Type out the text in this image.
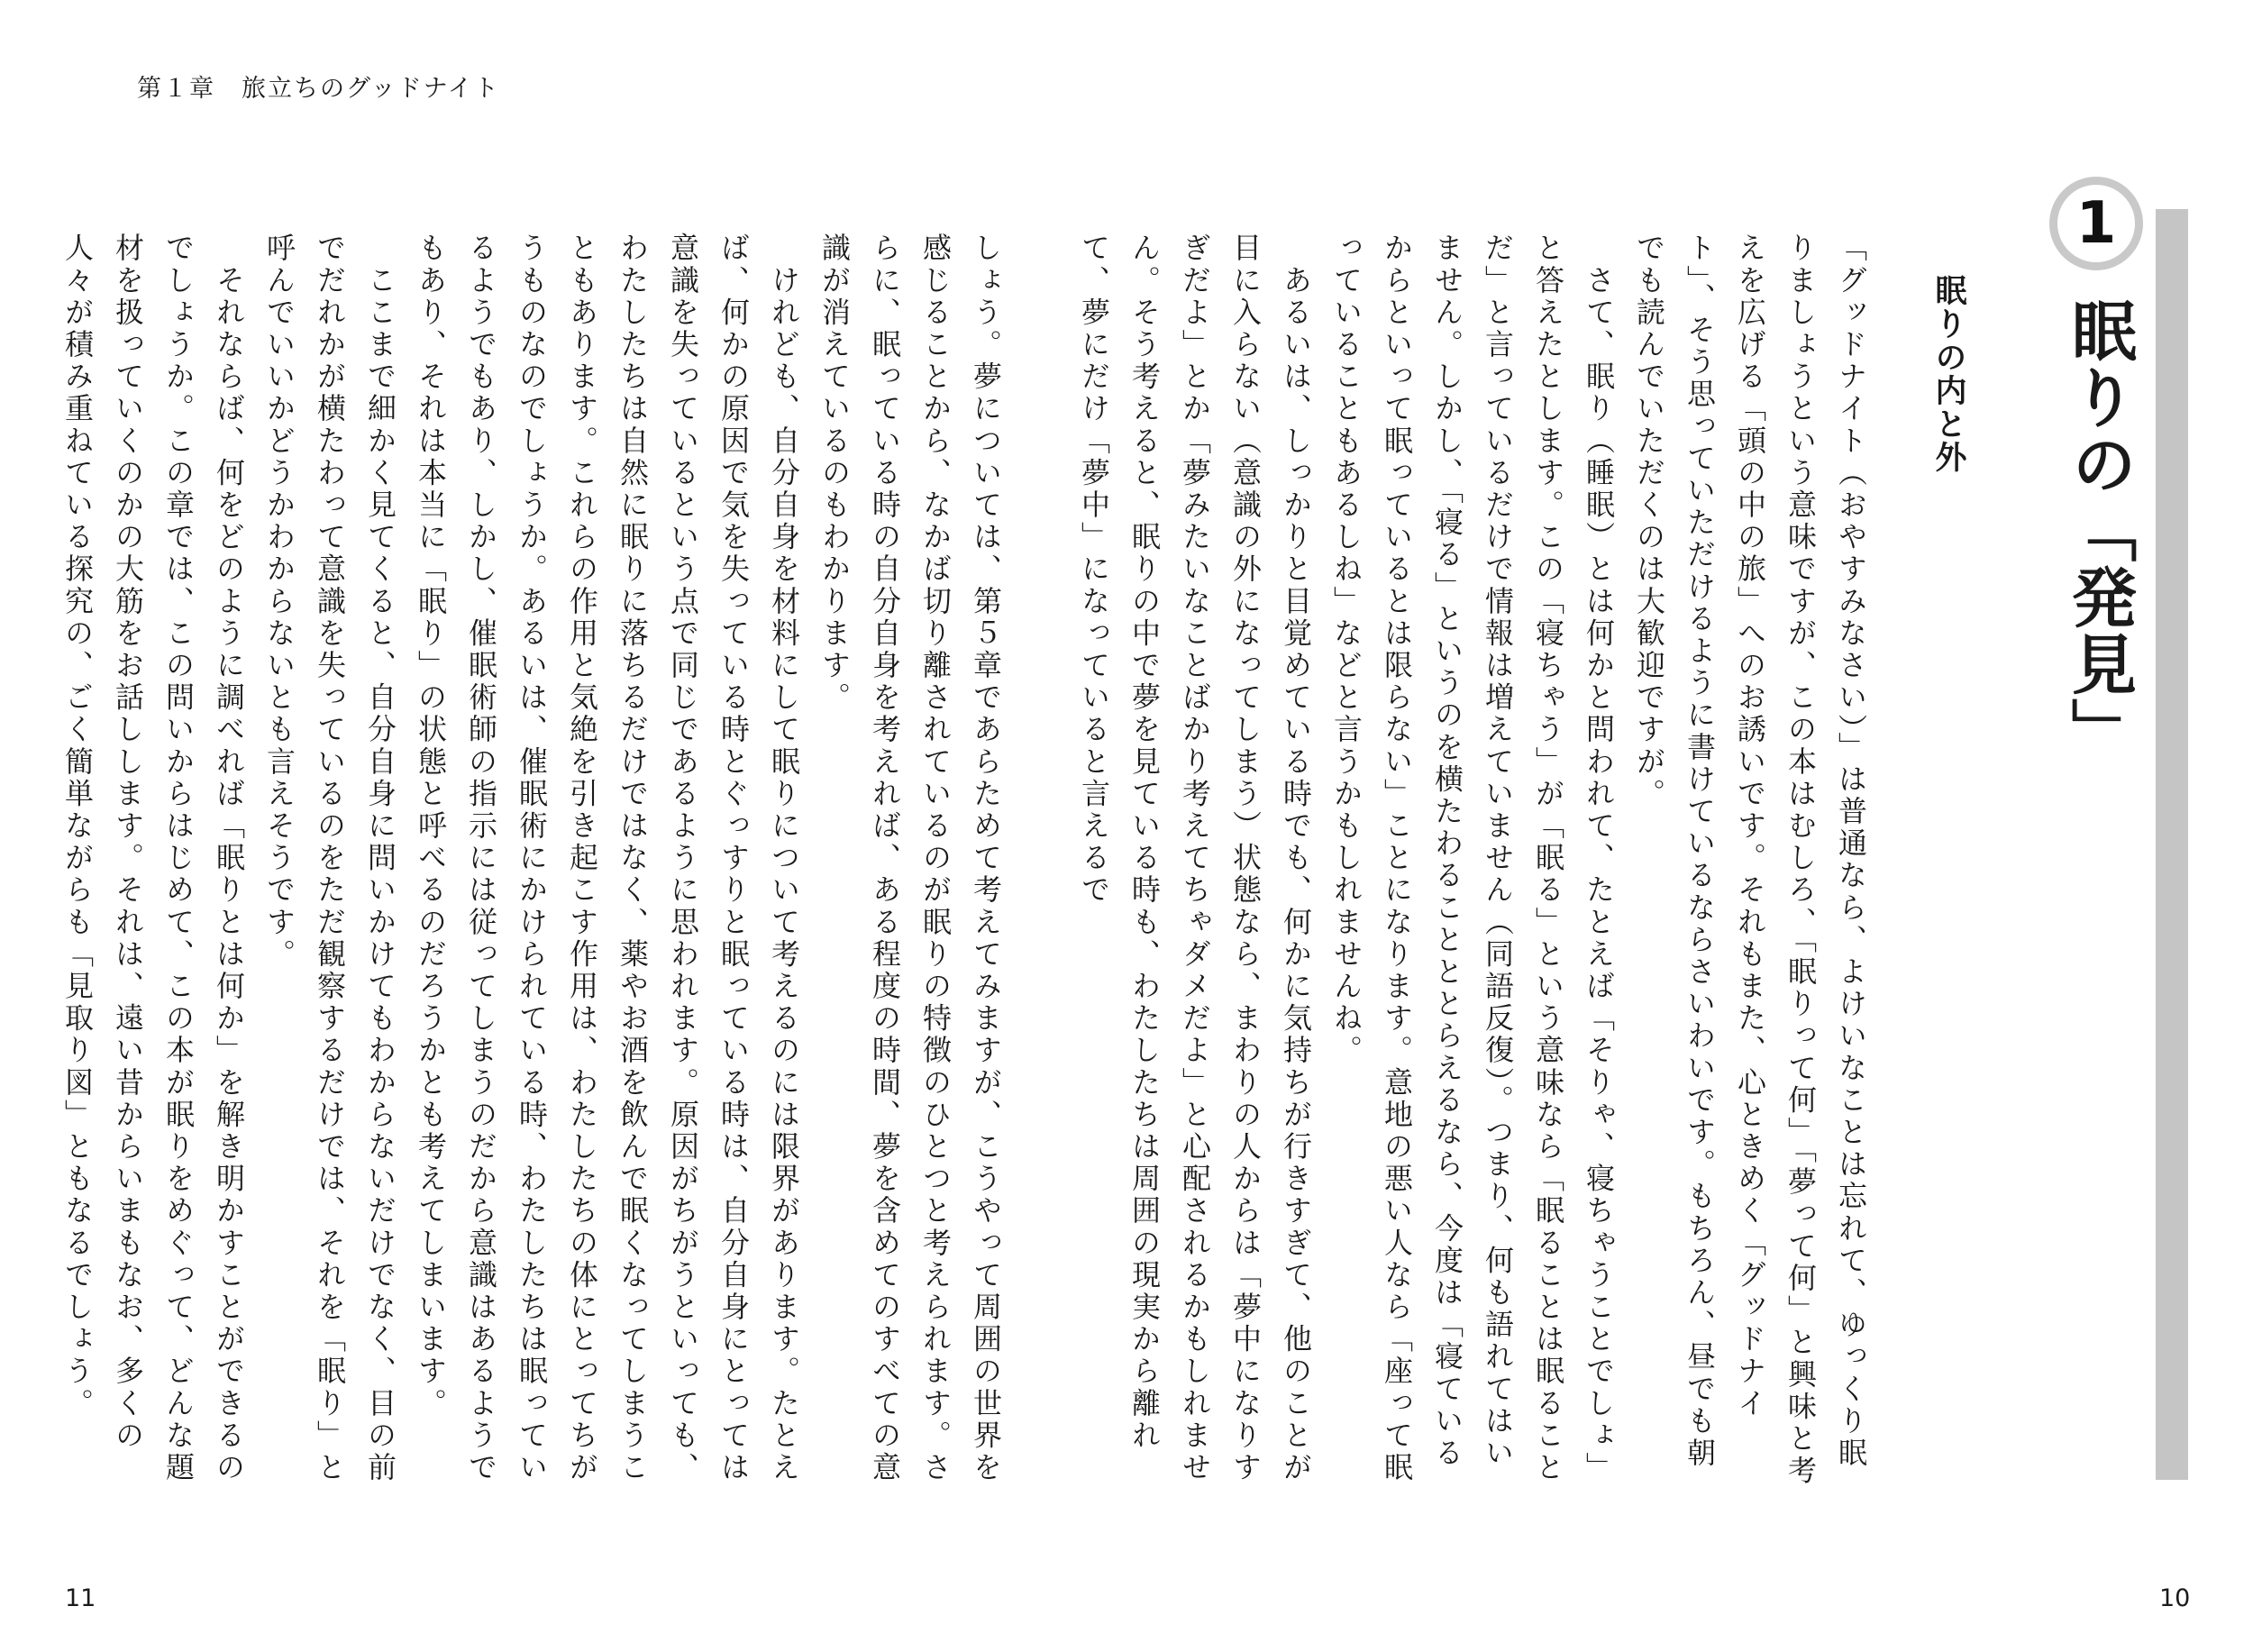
第１章　旅立ちのグッドナイト
1
眠りの「発見」
眠りの内と外

「グッドナイト（おやすみなさい）」は普通なら、よけいなことは忘れて、ゆっくり眠りましょうという意味ですが、この本はむしろ、「眠りって何」「夢って何」と興味と考えを広げる「頭の中の旅」へのお誘いです。それもまた、心ときめく「グッドナイト」、そう思っていただけるように書けているならさいわいです。もちろん、昼でも朝でも読んでいただくのは大歓迎ですが。

　さて、眠り（睡眠）とは何かと問われて、たとえば「そりゃ、寝ちゃうことでしょ」と答えたとします。この「寝ちゃう」が「眠る」という意味なら「眠ることは眠ることだ」と言っているだけで情報は増えていません（同語反復）。つまり、何も語れてはいません。しかし、「寝る」というのを横たわることととらえるなら、今度は「寝ているからといって眠っているとは限らない」ことになります。意地の悪い人なら「座って眠っていることもあるしね」などと言うかもしれませんね。

　あるいは、しっかりと目覚めている時でも、何かに気持ちが行きすぎて、他のことが目に入らない（意識の外になってしまう）状態なら、まわりの人からは「夢中になりすぎだよ」とか「夢みたいなことばかり考えてちゃダメだよ」と心配されるかもしれません。そう考えると、眠りの中で夢を見ている時も、わたしたちは周囲の現実から離れて、夢にだけ「夢中」になっていると言えるで

しょう。夢については、第５章であらためて考えてみますが、こうやって周囲の世界を感じることから、なかば切り離されているのが眠りの特徴のひとつと考えられます。さらに、眠っている時の自分自身を考えれば、ある程度の時間、夢を含めてのすべての意識が消えているのもわかります。

　けれども、自分自身を材料にして眠りについて考えるのには限界があります。たとえば、何かの原因で気を失っている時とぐっすりと眠っている時は、自分自身にとっては意識を失っているという点で同じであるように思われます。原因がちがうといっても、わたしたちは自然に眠りに落ちるだけではなく、薬やお酒を飲んで眠くなってしまうこともあります。これらの作用と気絶を引き起こす作用は、わたしたちの体にとってちがうものなのでしょうか。あるいは、催眠術にかけられている時、わたしたちは眠っているようでもあり、しかし、催眠術師の指示には従ってしまうのだから意識はあるようでもあり、それは本当に「眠り」の状態と呼べるのだろうかとも考えてしまいます。

　ここまで細かく見てくると、自分自身に問いかけてもわからないだけでなく、目の前でだれかが横たわって意識を失っているのをただ観察するだけでは、それを「眠り」と呼んでいいかどうかわからないとも言えそうです。

　それならば、何をどのように調べれば「眠りとは何か」を解き明かすことができるのでしょうか。この章では、この問いからはじめて、この本が眠りをめぐって、どんな題材を扱っていくのかの大筋をお話しします。それは、遠い昔からいまもなお、多くの人々が積み重ねている探究の、ごく簡単ながらも「見取り図」ともなるでしょう。

11	10
